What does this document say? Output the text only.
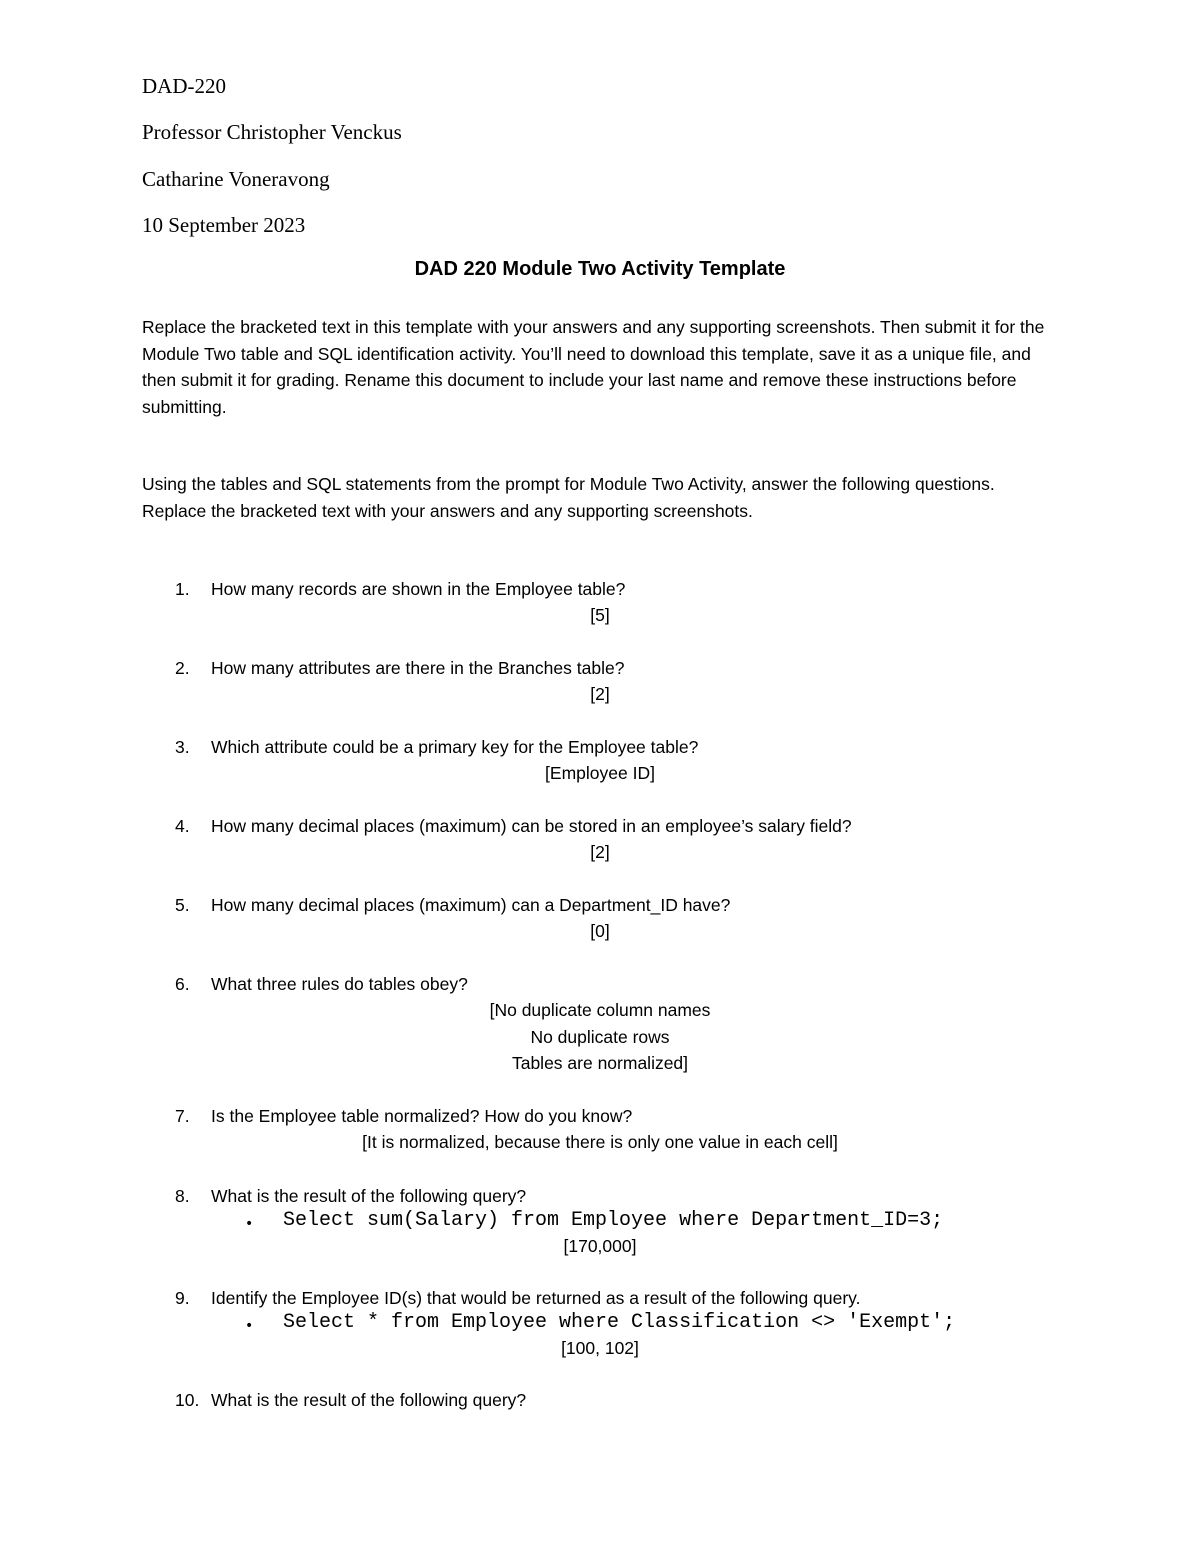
DAD-220
Professor Christopher Venckus
Catharine Voneravong
10 September 2023
DAD 220 Module Two Activity Template
Replace the bracketed text in this template with your answers and any supporting screenshots. Then submit it for the Module Two table and SQL identification activity. You’ll need to download this template, save it as a unique file, and then submit it for grading. Rename this document to include your last name and remove these instructions before submitting.
Using the tables and SQL statements from the prompt for Module Two Activity, answer the following questions. Replace the bracketed text with your answers and any supporting screenshots.
1. How many records are shown in the Employee table?
[5]
2. How many attributes are there in the Branches table?
[2]
3. Which attribute could be a primary key for the Employee table?
[Employee ID]
4. How many decimal places (maximum) can be stored in an employee’s salary field?
[2]
5. How many decimal places (maximum) can a Department_ID have?
[0]
6. What three rules do tables obey?
[No duplicate column names
No duplicate rows
Tables are normalized]
7. Is the Employee table normalized? How do you know?
[It is normalized, because there is only one value in each cell]
8. What is the result of the following query?
• Select sum(Salary) from Employee where Department_ID=3;
[170,000]
9. Identify the Employee ID(s) that would be returned as a result of the following query.
• Select * from Employee where Classification <> 'Exempt';
[100, 102]
10. What is the result of the following query?
